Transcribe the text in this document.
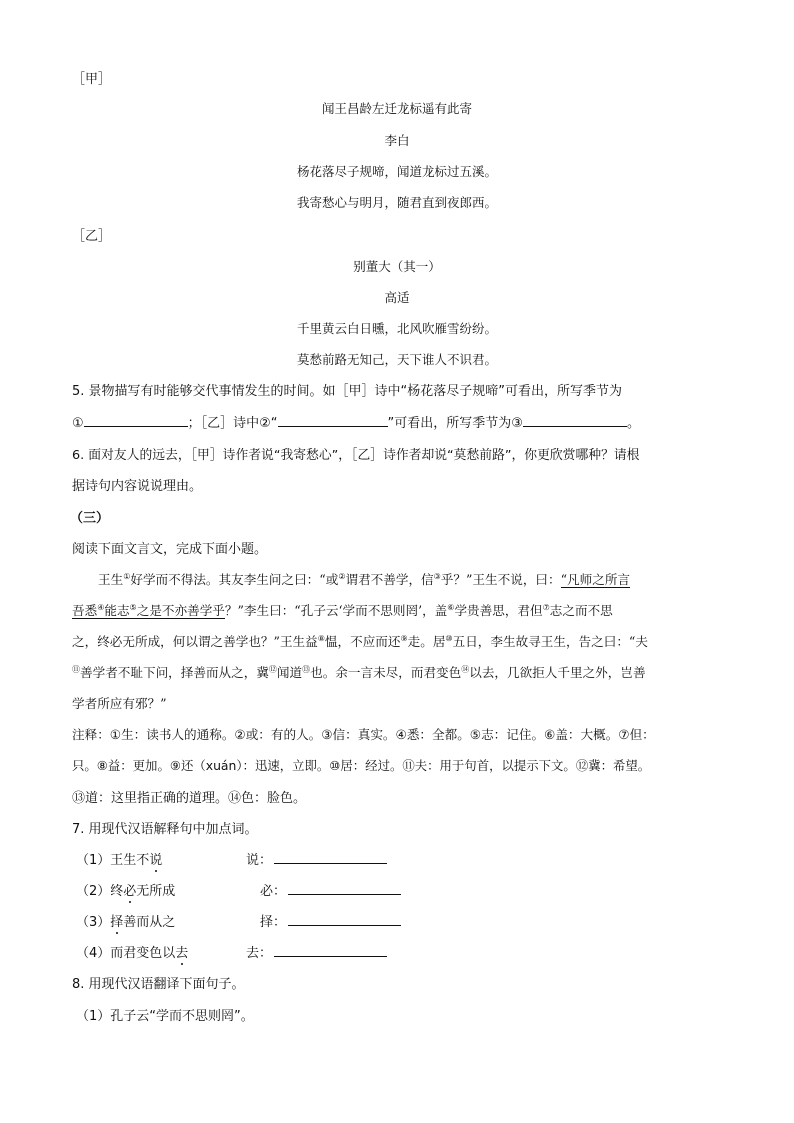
［甲］
闻王昌龄左迁龙标遥有此寄
李白
杨花落尽子规啼，闻道龙标过五溪。
我寄愁心与明月，随君直到夜郎西。
［乙］
别董大（其一）
高适
千里黄云白日曛，北风吹雁雪纷纷。
莫愁前路无知己，天下谁人不识君。
5. 景物描写有时能够交代事情发生的时间。如［甲］诗中“杨花落尽子规啼”可看出，所写季节为
①	；［乙］诗中②“	”可看出，所写季节为③	。
6. 面对友人的远去，［甲］诗作者说“我寄愁心”，［乙］诗作者却说“莫愁前路”，你更欣赏哪种？请根
据诗句内容说说理由。
（三）
阅读下面文言文，完成下面小题。
王生①好学而不得法。其友李生问之曰：“或②谓君不善学，信③乎？”王生不说，曰：“凡师之所言
吾悉④能志⑤之是不亦善学乎？”李生曰：“孔子云‘学而不思则罔’，盖⑥学贵善思，君但⑦志之而不思
之，终必无所成，何以谓之善学也？”王生益⑧愠，不应而还⑨走。居⑩五日，李生故寻王生，告之曰：“夫
⑪善学者不耻下问，择善而从之，冀⑫闻道⑬也。余一言未尽，而君变色⑭以去，几欲拒人千里之外，岂善
学者所应有邪？”
注释：①生：读书人的通称。②或：有的人。③信：真实。④悉：全都。⑤志：记住。⑥盖：大概。⑦但：
只。⑧益：更加。⑨还（xuán）：迅速，立即。⑩居：经过。⑪夫：用于句首，以提示下文。⑫冀：希望。
⑬道：这里指正确的道理。⑭色：脸色。
7. 用现代汉语解释句中加点词。
（1）王生不说	说：
（2）终必无所成	必：
（3）择善而从之	择：
（4）而君变色以去	去：
8. 用现代汉语翻译下面句子。
（1）孔子云“学而不思则罔”。
